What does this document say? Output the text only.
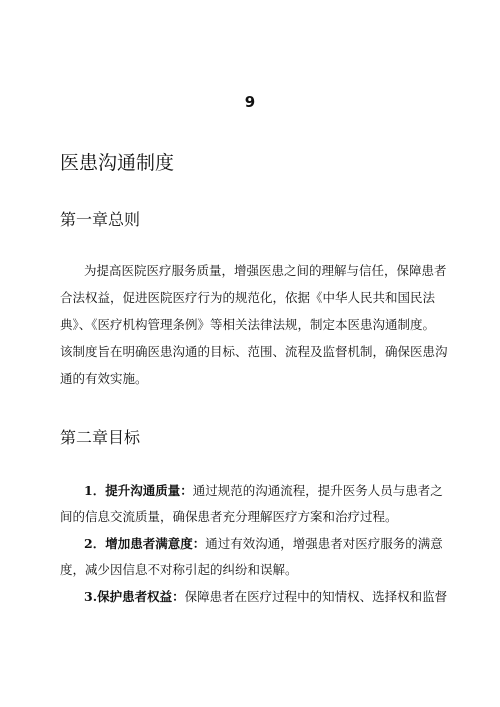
9
医患沟通制度
第一章总则
为提高医院医疗服务质量，增强医患之间的理解与信任，保障患者
合法权益，促进医院医疗行为的规范化，依据《中华人民共和国民法
典》、《医疗机构管理条例》等相关法律法规，制定本医患沟通制度。
该制度旨在明确医患沟通的目标、范围、流程及监督机制，确保医患沟
通的有效实施。
第二章目标
1．提升沟通质量：通过规范的沟通流程，提升医务人员与患者之
间的信息交流质量，确保患者充分理解医疗方案和治疗过程。
2．增加患者满意度：通过有效沟通，增强患者对医疗服务的满意
度，减少因信息不对称引起的纠纷和误解。
3.保护患者权益：保障患者在医疗过程中的知情权、选择权和监督
